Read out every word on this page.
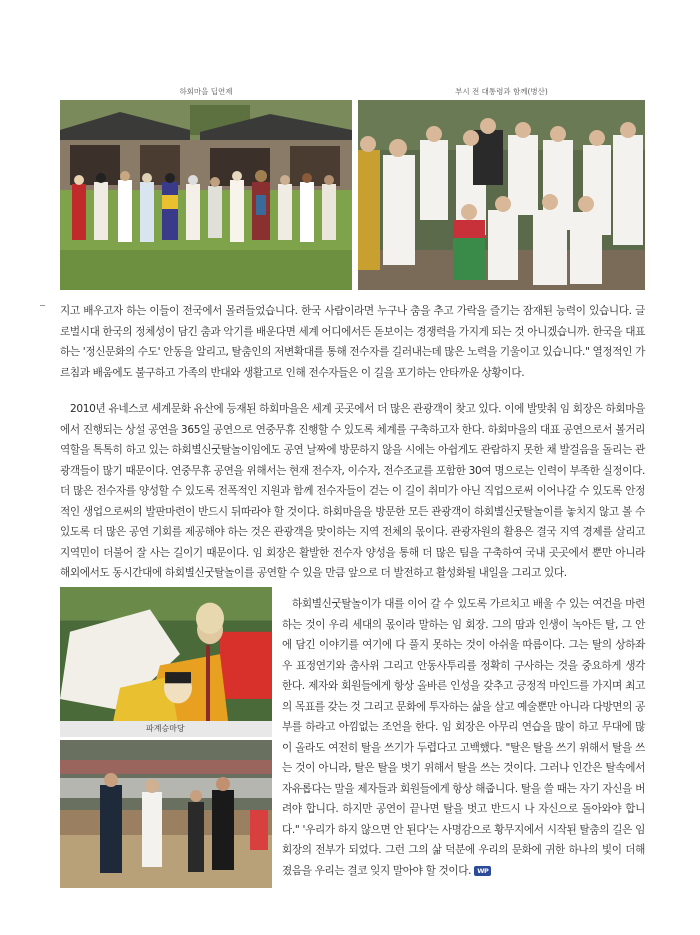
하회마을 딥연제	부시 전 대통령과 함께(병산)

지고 배우고자 하는 이들이 전국에서 몰려들었습니다. 한국 사람이라면 누구나 춤을 추고 가락을 즐기는 잠재된 능력이 있습니다. 글로벌시대 한국의 정체성이 담긴 춤과 악기를 배운다면 세계 어디에서든 돋보이는 경쟁력을 가지게 되는 것 아니겠습니까. 한국을 대표하는 '정신문화의 수도' 안동을 알리고, 탈춤인의 저변확대를 통해 전수자를 길러내는데 많은 노력을 기울이고 있습니다." 열정적인 가르침과 배움에도 불구하고 가족의 반대와 생활고로 인해 전수자들은 이 길을 포기하는 안타까운 상황이다.

2010년 유네스코 세계문화 유산에 등재된 하회마을은 세계 곳곳에서 더 많은 관광객이 찾고 있다. 이에 발맞춰 임 회장은 하회마을에서 진행되는 상설 공연을 365일 공연으로 연중무휴 진행할 수 있도록 체계를 구축하고자 한다. 하회마을의 대표 공연으로서 볼거리 역할을 톡톡히 하고 있는 하회별신굿탈놀이임에도 공연 날짜에 방문하지 않을 시에는 아쉽게도 관람하지 못한 채 발걸음을 돌리는 관광객들이 많기 때문이다. 연중무휴 공연을 위해서는 현재 전수자, 이수자, 전수조교를 포함한 30여 명으로는 인력이 부족한 실정이다. 더 많은 전수자를 양성할 수 있도록 전폭적인 지원과 함께 전수자들이 걷는 이 길이 취미가 아닌 직업으로써 이어나갈 수 있도록 안정적인 생업으로써의 발판마련이 반드시 뒤따라야 할 것이다. 하회마을을 방문한 모든 관광객이 하회별신굿탈놀이를 놓치지 않고 볼 수 있도록 더 많은 공연 기회를 제공해야 하는 것은 관광객을 맞이하는 지역 전체의 몫이다. 관광자원의 활용은 결국 지역 경제를 살리고 지역민이 더불어 잘 사는 길이기 때문이다. 임 회장은 활발한 전수자 양성을 통해 더 많은 팀을 구축하여 국내 곳곳에서 뿐만 아니라 해외에서도 동시간대에 하회별신굿탈놀이를 공연할 수 있을 만큼 앞으로 더 발전하고 활성화될 내일을 그리고 있다.

파계승마당

하회별신굿탈놀이가 대를 이어 갈 수 있도록 가르치고 배울 수 있는 여건을 마련하는 것이 우리 세대의 몫이라 말하는 임 회장. 그의 땀과 인생이 녹아든 탈, 그 안에 담긴 이야기를 여기에 다 풀지 못하는 것이 아쉬울 따름이다. 그는 탈의 상하좌우 표정연기와 춤사위 그리고 안동사투리를 정확히 구사하는 것을 중요하게 생각한다. 제자와 회원들에게 항상 올바른 인성을 갖추고 긍정적 마인드를 가지며 최고의 목표를 갖는 것 그리고 문화에 투자하는 삶을 살고 예술뿐만 아니라 다방면의 공부를 하라고 아낌없는 조언을 한다. 임 회장은 아무리 연습을 많이 하고 무대에 많이 올라도 여전히 탈을 쓰기가 두렵다고 고백했다. "탈은 탈을 쓰기 위해서 탈을 쓰는 것이 아니라, 탈은 탈을 벗기 위해서 탈을 쓰는 것이다. 그러나 인간은 탈속에서 자유롭다는 말을 제자들과 회원들에게 항상 해줍니다. 탈을 쓸 때는 자기 자신을 버려야 합니다. 하지만 공연이 끝나면 탈을 벗고 반드시 나 자신으로 돌아와야 합니다." '우리가 하지 않으면 안 된다'는 사명감으로 황무지에서 시작된 탈춤의 길은 임 회장의 전부가 되었다. 그런 그의 삶 덕분에 우리의 문화에 귀한 하나의 빛이 더해졌음을 우리는 결코 잊지 말아야 할 것이다. WP
